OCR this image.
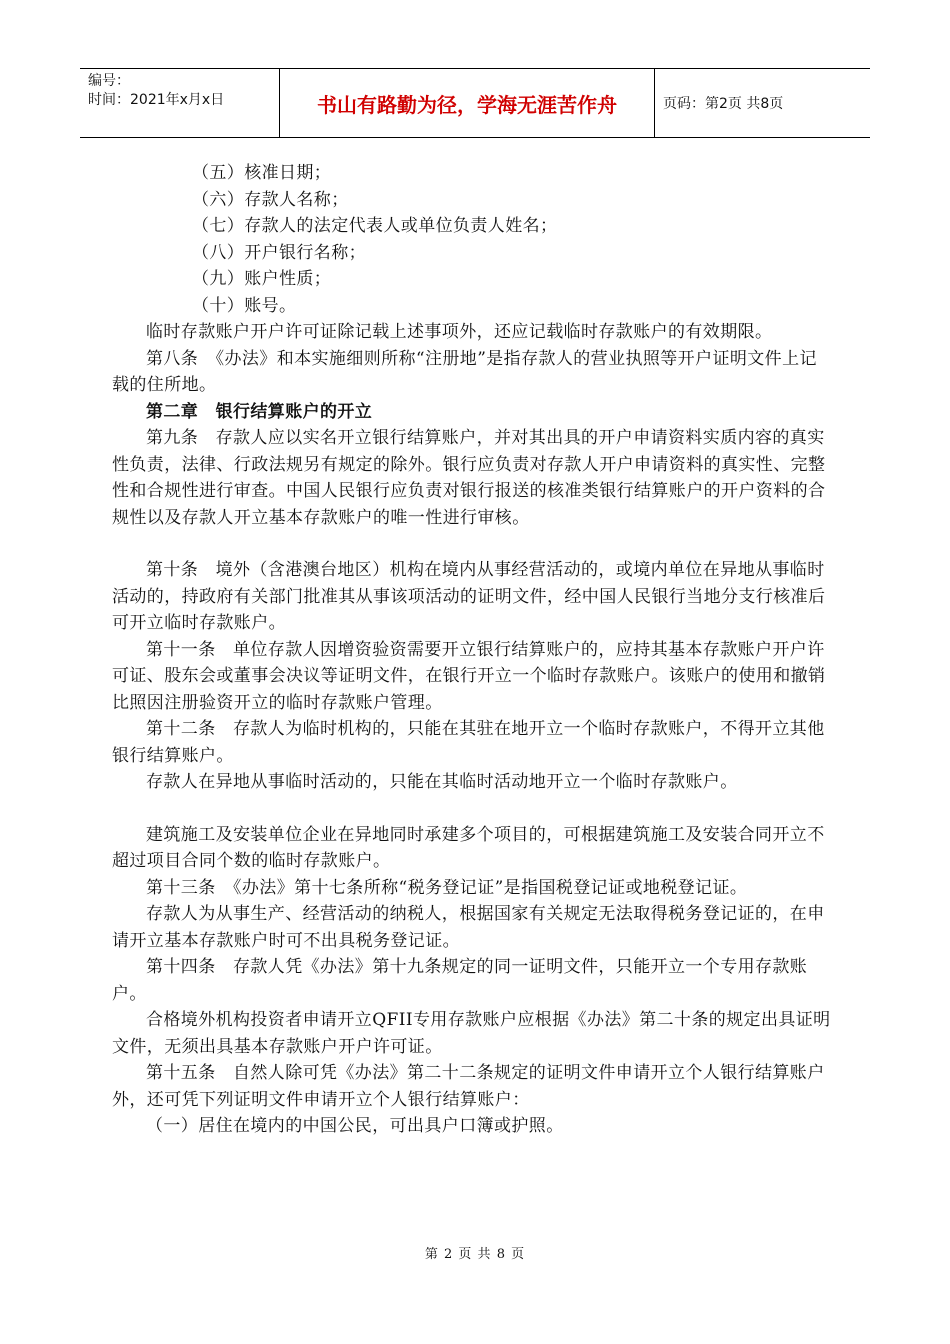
编号：
时间：2021年x月x日	书山有路勤为径，学海无涯苦作舟	页码：第2页 共8页

（五）核准日期；

（六）存款人名称；

（七）存款人的法定代表人或单位负责人姓名；

（八）开户银行名称；

（九）账户性质；

（十）账号。

临时存款账户开户许可证除记载上述事项外，还应记载临时存款账户的有效期限。

第八条　《办法》和本实施细则所称“注册地”是指存款人的营业执照等开户证明文件上记载的住所地。

第二章　银行结算账户的开立

第九条　存款人应以实名开立银行结算账户，并对其出具的开户申请资料实质内容的真实性负责，法律、行政法规另有规定的除外。银行应负责对存款人开户申请资料的真实性、完整性和合规性进行审查。中国人民银行应负责对银行报送的核准类银行结算账户的开户资料的合规性以及存款人开立基本存款账户的唯一性进行审核。

第十条　境外（含港澳台地区）机构在境内从事经营活动的，或境内单位在异地从事临时活动的，持政府有关部门批准其从事该项活动的证明文件，经中国人民银行当地分支行核准后可开立临时存款账户。

第十一条　单位存款人因增资验资需要开立银行结算账户的，应持其基本存款账户开户许可证、股东会或董事会决议等证明文件，在银行开立一个临时存款账户。该账户的使用和撤销比照因注册验资开立的临时存款账户管理。

第十二条　存款人为临时机构的，只能在其驻在地开立一个临时存款账户，不得开立其他银行结算账户。

存款人在异地从事临时活动的，只能在其临时活动地开立一个临时存款账户。

建筑施工及安装单位企业在异地同时承建多个项目的，可根据建筑施工及安装合同开立不超过项目合同个数的临时存款账户。

第十三条　《办法》第十七条所称“税务登记证”是指国税登记证或地税登记证。

存款人为从事生产、经营活动的纳税人，根据国家有关规定无法取得税务登记证的，在申请开立基本存款账户时可不出具税务登记证。

第十四条　存款人凭《办法》第十九条规定的同一证明文件，只能开立一个专用存款账户。

合格境外机构投资者申请开立QFII专用存款账户应根据《办法》第二十条的规定出具证明文件，无须出具基本存款账户开户许可证。

第十五条　自然人除可凭《办法》第二十二条规定的证明文件申请开立个人银行结算账户外，还可凭下列证明文件申请开立个人银行结算账户：

（一）居住在境内的中国公民，可出具户口簿或护照。

第 2 页 共 8 页
